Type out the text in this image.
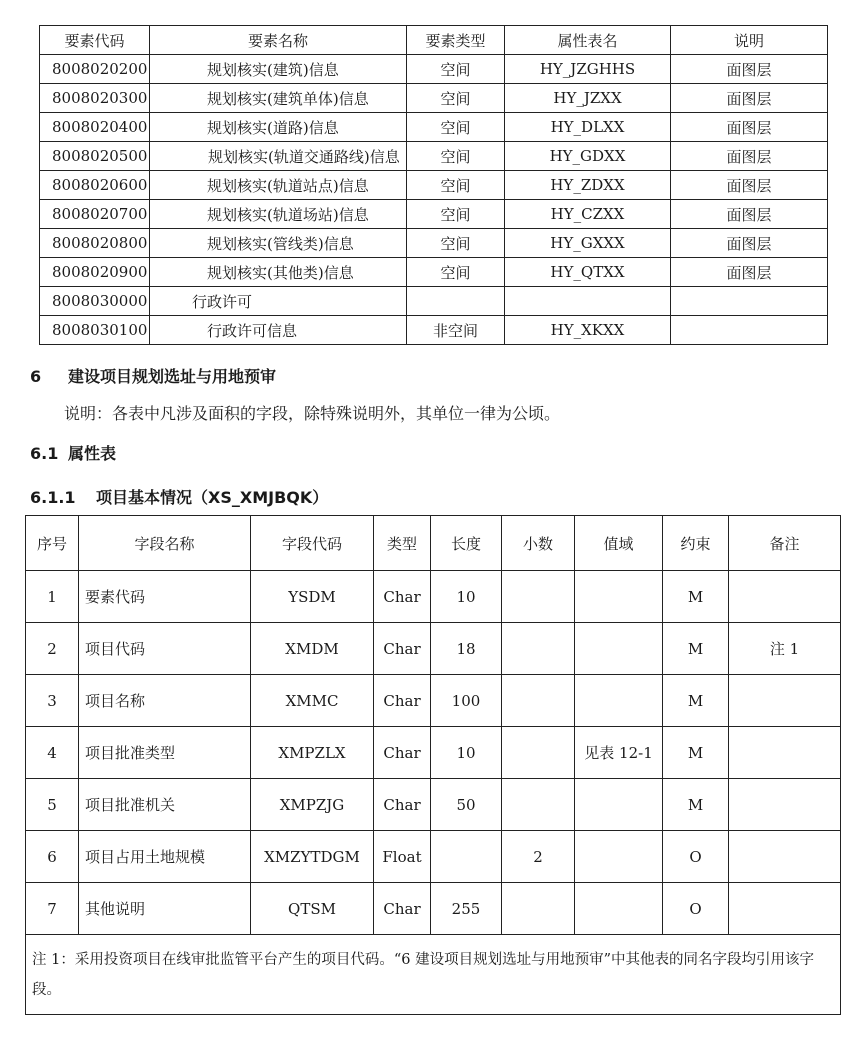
要素代码	要素名称	要素类型	属性表名	说明
8008020200	规划核实(建筑)信息	空间	HY_JZGHHS	面图层
8008020300	规划核实(建筑单体)信息	空间	HY_JZXX	面图层
8008020400	规划核实(道路)信息	空间	HY_DLXX	面图层
8008020500	规划核实(轨道交通路线)信息	空间	HY_GDXX	面图层
8008020600	规划核实(轨道站点)信息	空间	HY_ZDXX	面图层
8008020700	规划核实(轨道场站)信息	空间	HY_CZXX	面图层
8008020800	规划核实(管线类)信息	空间	HY_GXXX	面图层
8008020900	规划核实(其他类)信息	空间	HY_QTXX	面图层
8008030000	行政许可			
8008030100	行政许可信息	非空间	HY_XKXX	
6 建设项目规划选址与用地预审
说明：各表中凡涉及面积的字段，除特殊说明外，其单位一律为公顷。
6.1 属性表
6.1.1 项目基本情况（XS_XMJBQK）
序号	字段名称	字段代码	类型	长度	小数	值域	约束	备注
1	要素代码	YSDM	Char	10			M	
2	项目代码	XMDM	Char	18			M	注 1
3	项目名称	XMMC	Char	100			M	
4	项目批准类型	XMPZLX	Char	10		见表 12-1	M	
5	项目批准机关	XMPZJG	Char	50			M	
6	项目占用土地规模	XMZYTDGM	Float		2		O	
7	其他说明	QTSM	Char	255			O	
注 1：采用投资项目在线审批监管平台产生的项目代码。“6 建设项目规划选址与用地预审”中其他表的同名字段均引用该字段。								
